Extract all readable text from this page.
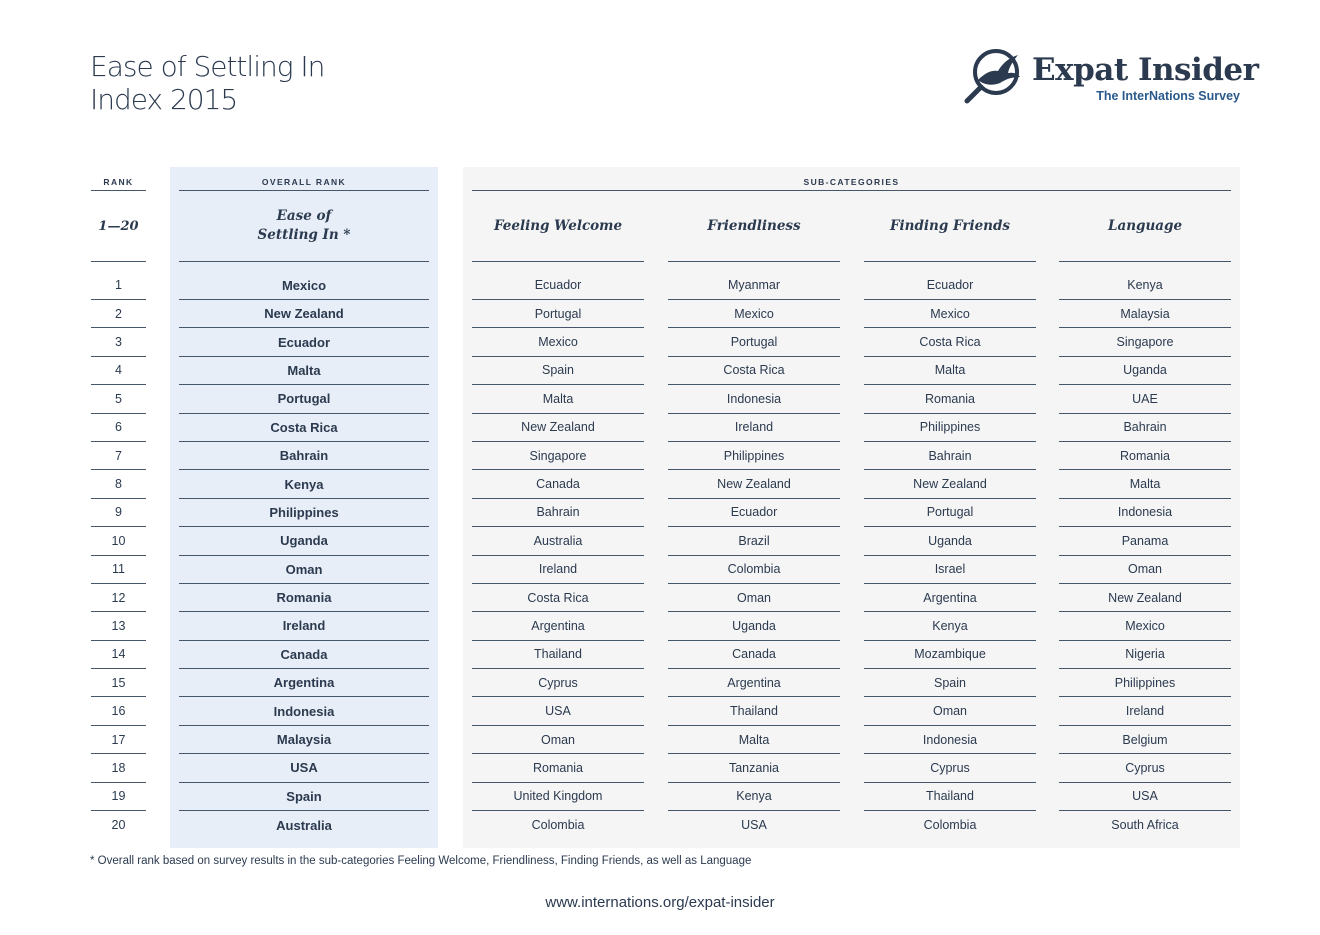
Ease of Settling In
Index 2015
Expat Insider
The InterNations Survey
RANK
1—20
1
2
3
4
5
6
7
8
9
10
11
12
13
14
15
16
17
18
19
20
OVERALL RANK
Ease of
Settling In *
Mexico
New Zealand
Ecuador
Malta
Portugal
Costa Rica
Bahrain
Kenya
Philippines
Uganda
Oman
Romania
Ireland
Canada
Argentina
Indonesia
Malaysia
USA
Spain
Australia
SUB-CATEGORIES
Feeling Welcome
Ecuador
Portugal
Mexico
Spain
Malta
New Zealand
Singapore
Canada
Bahrain
Australia
Ireland
Costa Rica
Argentina
Thailand
Cyprus
USA
Oman
Romania
United Kingdom
Colombia
Friendliness
Myanmar
Mexico
Portugal
Costa Rica
Indonesia
Ireland
Philippines
New Zealand
Ecuador
Brazil
Colombia
Oman
Uganda
Canada
Argentina
Thailand
Malta
Tanzania
Kenya
USA
Finding Friends
Ecuador
Mexico
Costa Rica
Malta
Romania
Philippines
Bahrain
New Zealand
Portugal
Uganda
Israel
Argentina
Kenya
Mozambique
Spain
Oman
Indonesia
Cyprus
Thailand
Colombia
Language
Kenya
Malaysia
Singapore
Uganda
UAE
Bahrain
Romania
Malta
Indonesia
Panama
Oman
New Zealand
Mexico
Nigeria
Philippines
Ireland
Belgium
Cyprus
USA
South Africa
* Overall rank based on survey results in the sub-categories Feeling Welcome, Friendliness, Finding Friends, as well as Language
www.internations.org/expat-insider
